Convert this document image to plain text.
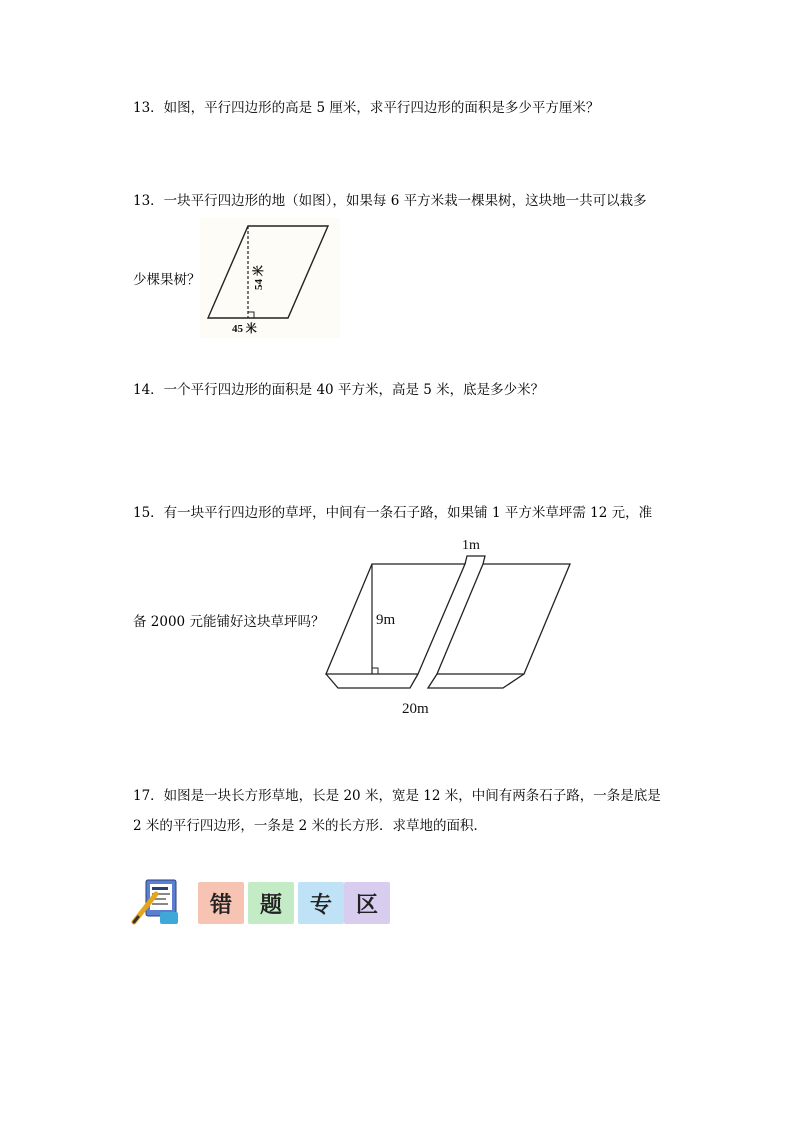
13．如图，平行四边形的高是 5 厘米，求平行四边形的面积是多少平方厘米？
13．一块平行四边形的地（如图），如果每 6 平方米栽一棵果树，这块地一共可以栽多
少棵果树？	54 米
45 米
14．一个平行四边形的面积是 40 平方米，高是 5 米，底是多少米？
15．有一块平行四边形的草坪，中间有一条石子路，如果铺 1 平方米草坪需 12 元，准
备 2000 元能铺好这块草坪吗？
1m
9m
20m
17．如图是一块长方形草地，长是 20 米，宽是 12 米，中间有两条石子路，一条是底是
2 米的平行四边形，一条是 2 米的长方形．求草地的面积．
错	题	专	区
